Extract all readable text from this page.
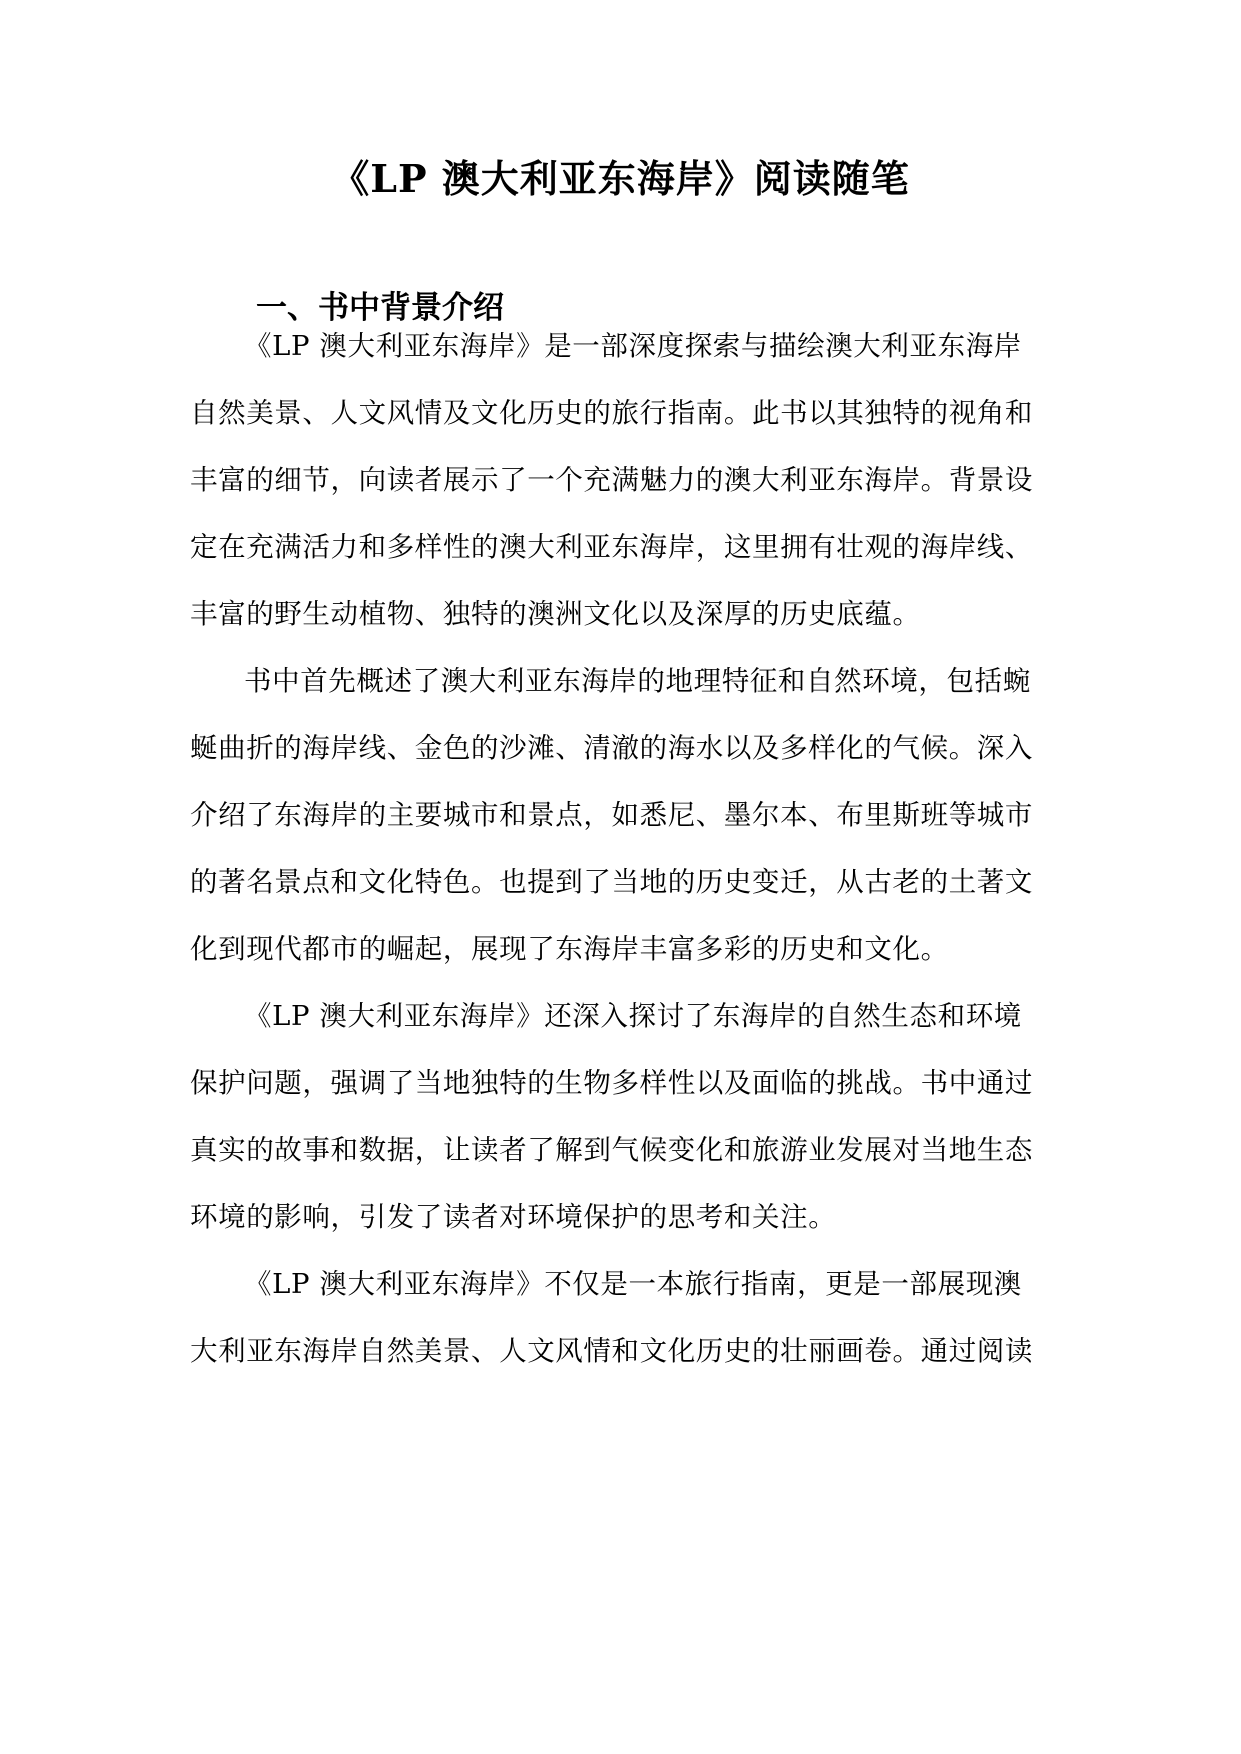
《LP 澳大利亚东海岸》阅读随笔
一、书中背景介绍

《LP 澳大利亚东海岸》是一部深度探索与描绘澳大利亚东海岸

自然美景、人文风情及文化历史的旅行指南。此书以其独特的视角和

丰富的细节，向读者展示了一个充满魅力的澳大利亚东海岸。背景设

定在充满活力和多样性的澳大利亚东海岸，这里拥有壮观的海岸线、

丰富的野生动植物、独特的澳洲文化以及深厚的历史底蕴。

书中首先概述了澳大利亚东海岸的地理特征和自然环境，包括蜿

蜒曲折的海岸线、金色的沙滩、清澈的海水以及多样化的气候。深入

介绍了东海岸的主要城市和景点，如悉尼、墨尔本、布里斯班等城市

的著名景点和文化特色。也提到了当地的历史变迁，从古老的土著文

化到现代都市的崛起，展现了东海岸丰富多彩的历史和文化。

《LP 澳大利亚东海岸》还深入探讨了东海岸的自然生态和环境

保护问题，强调了当地独特的生物多样性以及面临的挑战。书中通过

真实的故事和数据，让读者了解到气候变化和旅游业发展对当地生态

环境的影响，引发了读者对环境保护的思考和关注。

《LP 澳大利亚东海岸》不仅是一本旅行指南，更是一部展现澳

大利亚东海岸自然美景、人文风情和文化历史的壮丽画卷。通过阅读
